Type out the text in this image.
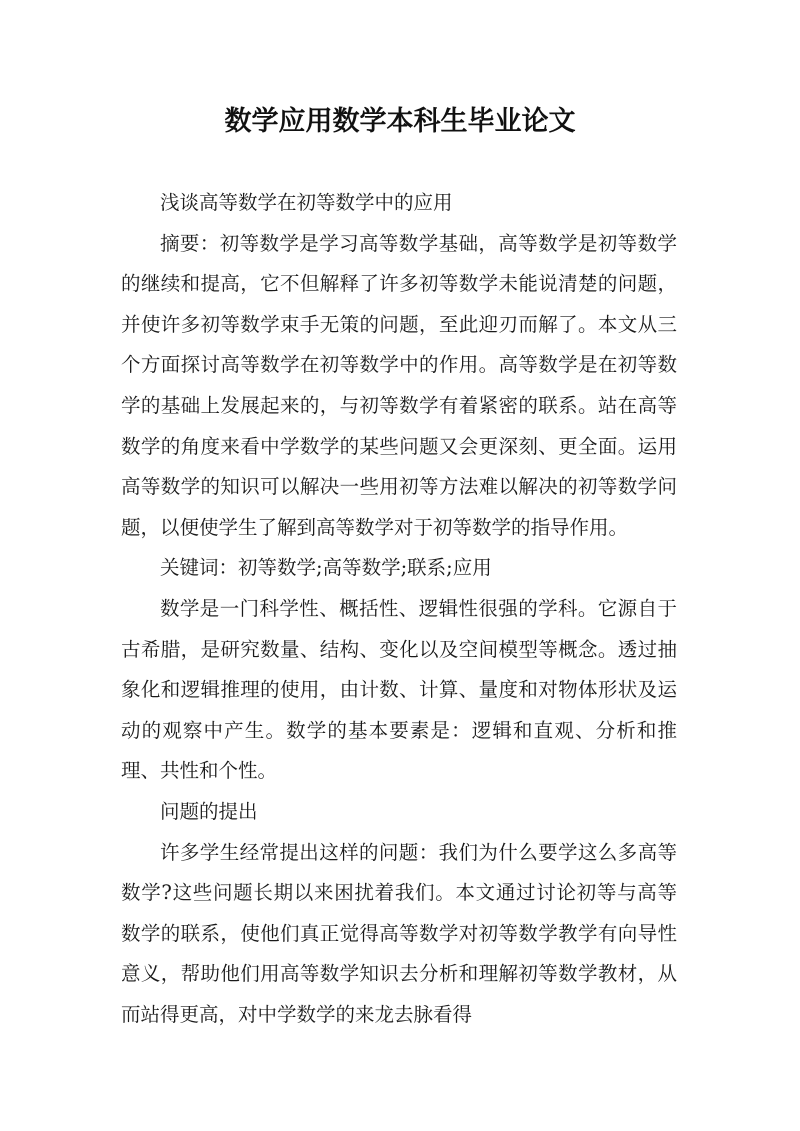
数学应用数学本科生毕业论文

浅谈高等数学在初等数学中的应用

摘要：初等数学是学习高等数学基础，高等数学是初等数学的继续和提高，它不但解释了许多初等数学未能说清楚的问题，并使许多初等数学束手无策的问题，至此迎刃而解了。本文从三个方面探讨高等数学在初等数学中的作用。高等数学是在初等数学的基础上发展起来的，与初等数学有着紧密的联系。站在高等数学的角度来看中学数学的某些问题又会更深刻、更全面。运用高等数学的知识可以解决一些用初等方法难以解决的初等数学问题，以便使学生了解到高等数学对于初等数学的指导作用。

关键词：初等数学;高等数学;联系;应用

数学是一门科学性、概括性、逻辑性很强的学科。它源自于古希腊，是研究数量、结构、变化以及空间模型等概念。透过抽象化和逻辑推理的使用，由计数、计算、量度和对物体形状及运动的观察中产生。数学的基本要素是：逻辑和直观、分析和推理、共性和个性。

问题的提出

许多学生经常提出这样的问题：我们为什么要学这么多高等数学?这些问题长期以来困扰着我们。本文通过讨论初等与高等数学的联系，使他们真正觉得高等数学对初等数学教学有向导性意义，帮助他们用高等数学知识去分析和理解初等数学教材，从而站得更高，对中学数学的来龙去脉看得
